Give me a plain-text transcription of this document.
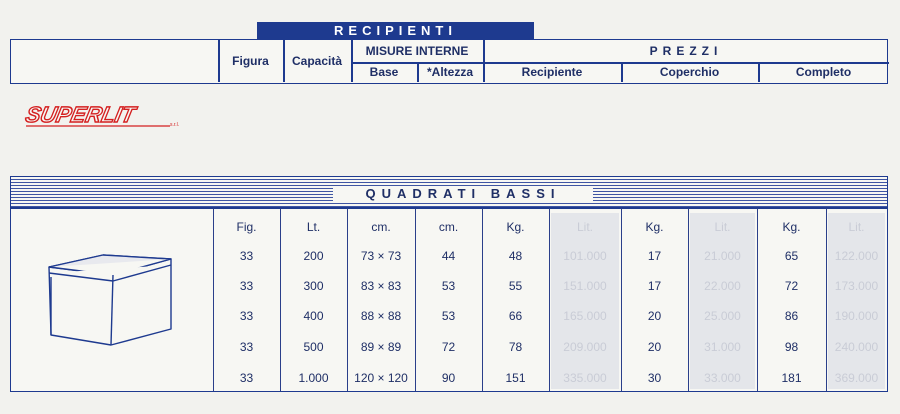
RECIPIENTI
Figura	Capacità
MISURE INTERNE
Base	*Altezza
PREZZI
Recipiente	Coperchio	Completo
SUPERLIT	s.r.l.
QUADRATI BASSI
Fig.	Lt.	cm.	cm.	Kg.	Lit.	Kg.	Lit.	Kg.	Lit.
33	200	73 × 73	44	48	101.000	17	21.000	65	122.000
33	300	83 × 83	53	55	151.000	17	22.000	72	173.000
33	400	88 × 88	53	66	165.000	20	25.000	86	190.000
33	500	89 × 89	72	78	209.000	20	31.000	98	240.000
33	1.000	120 × 120	90	151	335.000	30	33.000	181	369.000
